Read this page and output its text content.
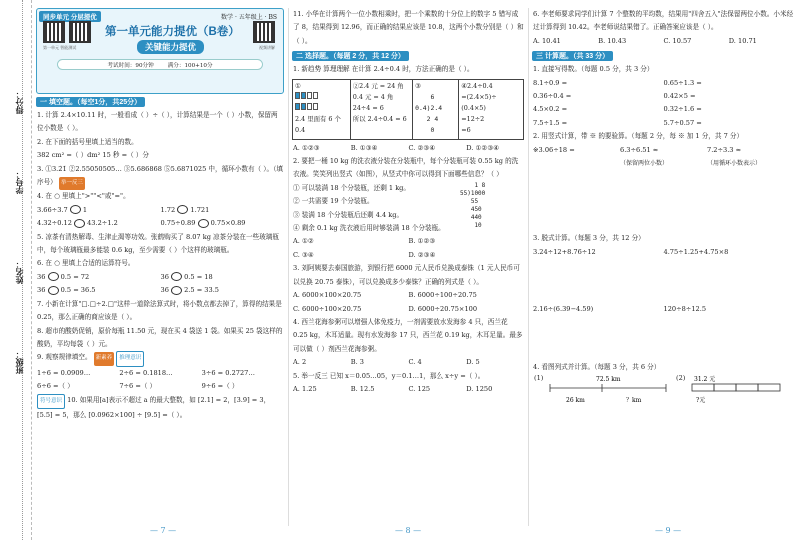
得分：
学号：
姓名：
班级：
同步单元 分层提优	数学 · 五年级上 · BS
第一单元 智能测试	视频讲解
第一单元能力提优（B卷）
关键能力提优
考试时间：90分钟	满分：100+10分
一 填空题。（每空1分，共25分）
1. 计算 2.4×10.11 时，一般看成（ ）÷（ ），计算结果是一个（ ）小数，保留两位小数是（ ）。
2. 在下面的括号里填上适当的数。
382 cm² =（ ）dm² 15 秒 =（ ）分
3. ①3.2̇1̇ ②2.55050505… ③5.686868 ⑤5.6871025 中，循环小数有（ ）。（填序号） 举一反三
4. 在 ○ 里填上">""<"或"="。
3.66÷3.7 1	1.72 1.721
4.32÷0.12 43.2÷1.2	0.75÷0.89 0.75×0.89
5. 凉茶有清热解毒、生津止渴等功效。张鹤购买了 8.07 kg 凉茶分装在一些玻璃瓶中，每个玻璃瓶最多能装 0.6 kg，至少需要（ ）个这样的玻璃瓶。
6. 在 ○ 里填上合适的运算符号。
36 0.5 = 72	36 0.5 = 18
36 0.5 = 36.5	36 2.5 = 33.5
7. 小新在计算"□.□÷2.□"这样一道除法算式时，将小数点都去掉了，算得的结果是 0.25，那么正确的商应该是（ ）。
8. 超市的酸奶促销，原价每瓶 11.50 元，现在买 4 袋送 1 袋。如果买 25 袋这样的酸奶，平均每袋（ ）元。
9. 观察规律填空。 新素养 推理意识
1÷6 = 0.0909…	2÷6 = 0.1818…	3÷6 = 0.2727…
6÷6 =（ ）	7÷6 =（ ）	9÷6 =（ ）
符号意识 10. 如果用[a]表示不超过 a 的最大整数，如 [2.1] = 2，[3.9] = 3，[5.5] = 5，那么 [0.0962×100] ÷ [9.5] =（ ）。
— 7 —
11. 小华在计算两个一位小数相乘时，把一个乘数的十分位上的数字 5 错写成了 8，结果得到 12.96，而正确的结果应该是 10.8，这两个小数分别是（ ）和（ ）。
二 选择题。（每题 2 分，共 12 分）
1. 新趋势 算理理解 在计算 2.4÷0.4 时，方法正确的是（ ）。
①

2.4 里面有 6 个 0.4	②2.4 元 = 24 角
0.4 元 = 4 角
24÷4 = 6
所以 2.4÷0.4 = 6	③
6
0.4)2.4
2 4
0	④2.4÷0.4
=(2.4×5)÷
(0.4×5)
=12÷2
=6
A. ①②③	B. ①③④	C. ②③④	D. ①②③④
2. 要把一桶 10 kg 的洗衣液分装在分装瓶中，每个分装瓶可装 0.55 kg 的洗衣液。笑笑列出竖式（如图），从竖式中你可以得到下面哪些信息？（ ）
① 可以装满 18 个分装瓶，还剩 1 kg。
② 一共需要 19 个分装瓶。
③ 装满 18 个分装瓶后还剩 4.4 kg。
④ 剩余 0.1 kg 洗衣液后用时够装满 18 个分装瓶。
1 8
55)1000
55
450
440
10
A. ①②	B. ①②③
C. ③④	D. ②③④
3. 刘阿姨要去泰国旅游，到银行把 6000 元人民币兑换成泰铢（1 元人民币可以兑换 20.75 泰铢），可以兑换成多少泰铢？正确的列式是（ ）。
A. 6000×100×20.75	B. 6000÷100÷20.75
C. 6000÷100×20.75	D. 6000÷20.75×100
4. 西兰花海参粥可以增强人体免疫力，一剂需要放水发海参 4 只，西兰花 0.25 kg，木耳适量。现有水发海参 17 只，西兰花 0.19 kg，木耳足量。最多可以做（ ）剂西兰花海参粥。
A. 2	B. 3	C. 4	D. 5
5. 举一反三 已知 x＝0.05…05，y＝0.1…1，那么 x÷y =（ ）。
A. 1.25	B. 12.5	C. 125	D. 1250
— 8 —
6. 李老师要求同学们计算 7 个整数的平均数，结果用"四舍五入"法保留两位小数。小米经过计算得到 10.42。李老师说结果错了。正确答案应该是（ ）。
A. 10.41	B. 10.43	C. 10.57	D. 10.71
三 计算题。（共 33 分）
1. 直接写得数。（每题 0.5 分，共 3 分）
8.1÷0.9 =	0.65÷1.3 =
0.36÷0.4 =	0.42×5 =
4.5×0.2 =	0.32÷1.6 =
7.5÷1.5 =	5.7÷0.57 =
2. 用竖式计算，带 ※ 的要验算。（每题 2 分，每 ※ 加 1 分，共 7 分）
※3.06÷18 =	6.3÷6.51 ≈	7.2÷3.3 ≈
（保留两位小数）	（用循环小数表示）
3. 脱式计算。（每题 3 分，共 12 分）
3.24÷12+8.76÷12	4.75÷1.25+4.75×8
2.16÷(6.39−4.59)	120÷8÷12.5
4. 看图列式并计算。（每题 3 分，共 6 分）
(1)	72.5 km
26 km	？km
(2) 31.2 元
?元
— 9 —
